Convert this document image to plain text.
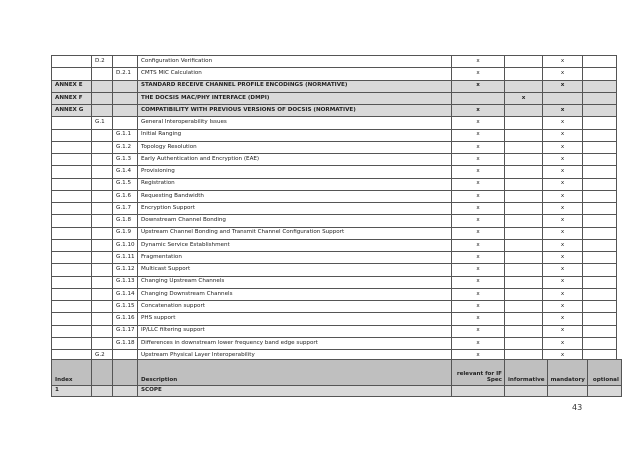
	D.2		Configuration Verification	x		x	
		D.2.1	CMTS MIC Calculation	x		x	
ANNEX E			STANDARD RECEIVE CHANNEL PROFILE ENCODINGS (NORMATIVE)	x		x	
ANNEX F			THE DOCSIS MAC/PHY INTERFACE (DMPI)		x		
ANNEX G			COMPATIBILITY WITH PREVIOUS VERSIONS OF DOCSIS (NORMATIVE)	x		x	
	G.1		General Interoperability Issues	x		x	
		G.1.1	Initial Ranging	x		x	
		G.1.2	Topology Resolution	x		x	
		G.1.3	Early Authentication and Encryption (EAE)	x		x	
		G.1.4	Provisioning	x		x	
		G.1.5	Registration	x		x	
		G.1.6	Requesting Bandwidth	x		x	
		G.1.7	Encryption Support	x		x	
		G.1.8	Downstream Channel Bonding	x		x	
		G.1.9	Upstream Channel Bonding and Transmit Channel Configuration Support	x		x	
		G.1.10	Dynamic Service Establishment	x		x	
		G.1.11	Fragmentation	x		x	
		G.1.12	Multicast Support	x		x	
		G.1.13	Changing Upstream Channels	x		x	
		G.1.14	Changing Downstream Channels	x		x	
		G.1.15	Concatenation support	x		x	
		G.1.16	PHS support	x		x	
		G.1.17	IP/LLC filtering support	x		x	
		G.1.18	Differences in downstream lower frequency band edge support	x		x	
	G.2		Upstream Physical Layer Interoperability	x		x	
Index			Description	relevant for IF Spec	informative	mandatory	optional
1			SCOPE				
43
